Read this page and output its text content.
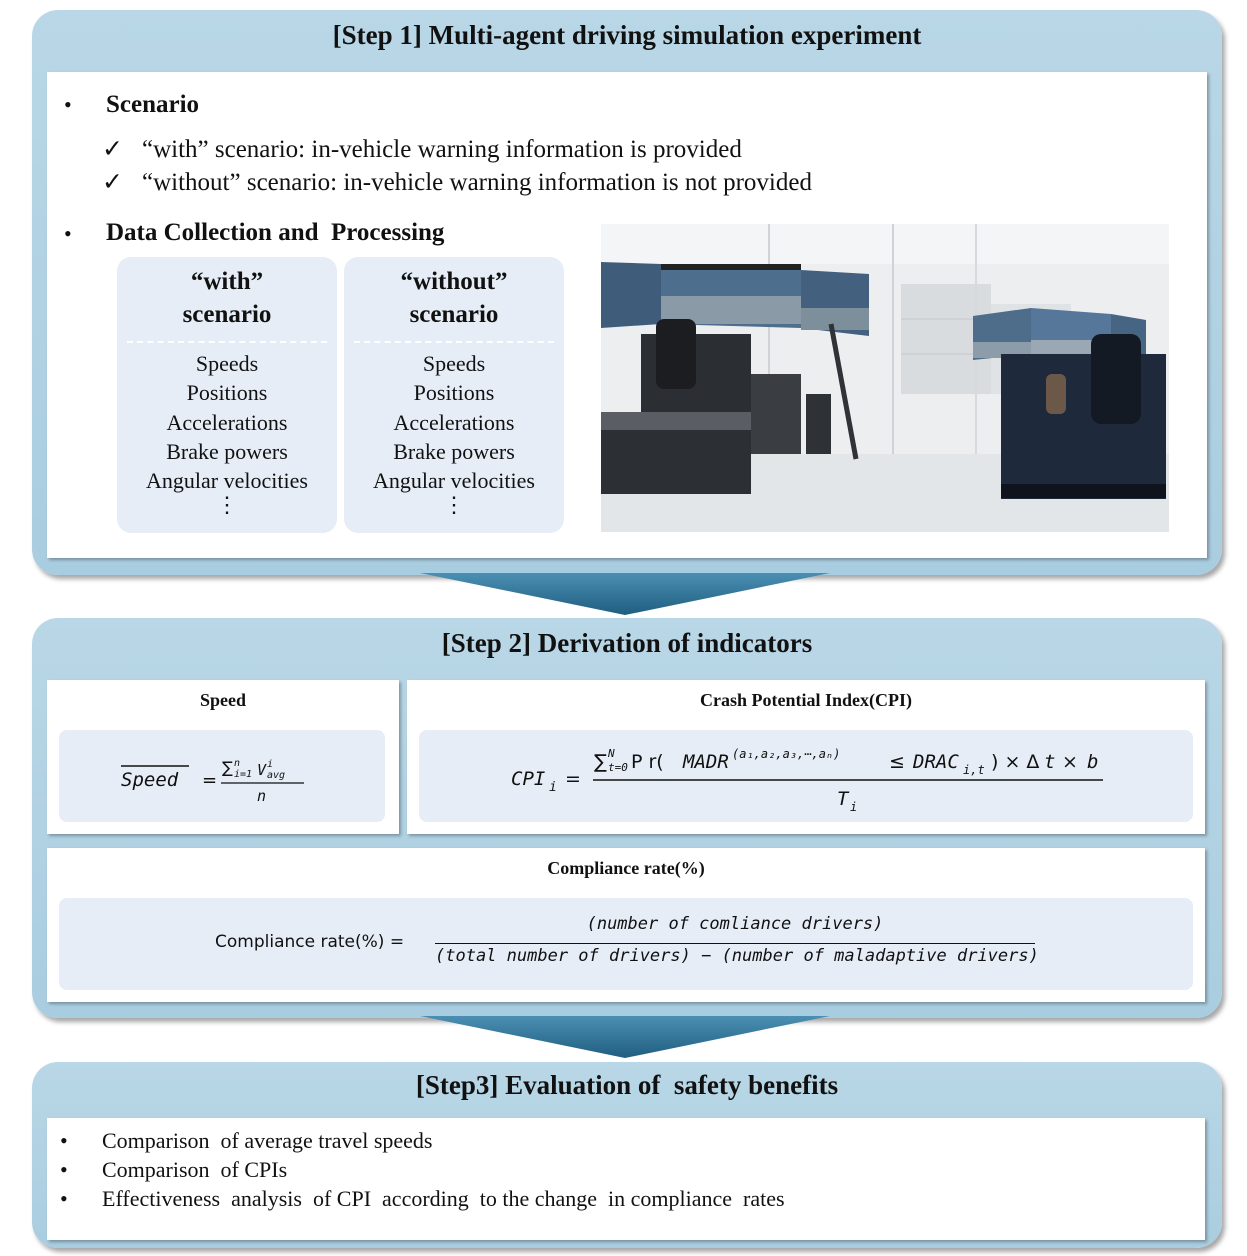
[Step 1] Multi-agent driving simulation experiment
• Scenario
✓ “with” scenario: in-vehicle warning information is provided
✓ “without” scenario: in-vehicle warning information is not provided
• Data Collection and  Processing
“with”
scenario
Speeds
Positions
Accelerations
Brake powers
Angular velocities
⋮
“without”
scenario
Speeds
Positions
Accelerations
Brake powers
Angular velocities
⋮
[Step 2] Derivation of indicators
Speed
Speed =
∑ n
i=1 V i
avg
n
Crash Potential Index(CPI)
CPI i =
∑ N
t=0 P r( MADR (a₁,a₂,a₃,⋯,aₙ)	≤ DRAC i,t ) × Δ t × b
T i
Compliance rate(%)
Compliance rate(%) =
(number of comliance drivers)
(total number of drivers) − (number of maladaptive drivers)
[Step3] Evaluation of  safety benefits
• Comparison  of average travel speeds
• Comparison  of CPIs
• Effectiveness  analysis  of CPI  according  to the change  in compliance  rates
